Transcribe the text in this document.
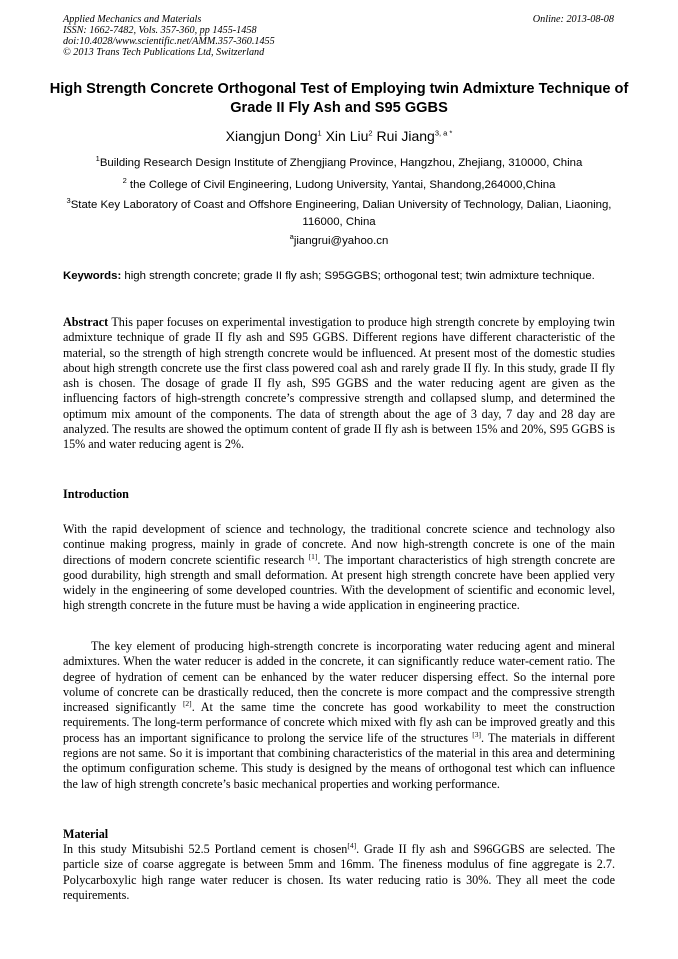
Applied Mechanics and Materials
ISSN: 1662-7482, Vols. 357-360, pp 1455-1458
doi:10.4028/www.scientific.net/AMM.357-360.1455
© 2013 Trans Tech Publications Ltd, Switzerland
Online: 2013-08-08
High Strength Concrete Orthogonal Test of Employing twin Admixture Technique of Grade II Fly Ash and S95 GGBS
Xiangjun Dong$^1$ Xin Liu$^2$ Rui Jiang$^{3, a *}$
$^1$Building Research Design Institute of Zhengjiang Province, Hangzhou, Zhejiang, 310000, China
$^2$ the College of Civil Engineering, Ludong University, Yantai, Shandong,264000,China
$^3$State Key Laboratory of Coast and Offshore Engineering, Dalian University of Technology, Dalian, Liaoning, 116000, China
$^a$jiangrui@yahoo.cn
Keywords: high strength concrete; grade II fly ash; S95GGBS; orthogonal test; twin admixture technique.
Abstract This paper focuses on experimental investigation to produce high strength concrete by employing twin admixture technique of grade II fly ash and S95 GGBS. Different regions have different characteristic of the material, so the strength of high strength concrete would be influenced. At present most of the domestic studies about high strength concrete use the first class powered coal ash and rarely grade II fly. In this study, grade II fly ash is chosen. The dosage of grade II fly ash, S95 GGBS and the water reducing agent are given as the influencing factors of high-strength concrete’s compressive strength and collapsed slump, and determined the optimum mix amount of the components. The data of strength about the age of 3 day, 7 day and 28 day are analyzed. The results are showed the optimum content of grade II fly ash is between 15% and 20%, S95 GGBS is 15% and water reducing agent is 2%.
Introduction
With the rapid development of science and technology, the traditional concrete science and technology also continue making progress, mainly in grade of concrete. And now high-strength concrete is one of the main directions of modern concrete scientific research [1]. The important characteristics of high strength concrete are good durability, high strength and small deformation. At present high strength concrete have been applied very widely in the engineering of some developed countries. With the development of scientific and economic level, high strength concrete in the future must be having a wide application in engineering practice.
The key element of producing high-strength concrete is incorporating water reducing agent and mineral admixtures. When the water reducer is added in the concrete, it can significantly reduce water-cement ratio. The degree of hydration of cement can be enhanced by the water reducer dispersing effect. So the internal pore volume of concrete can be drastically reduced, then the concrete is more compact and the compressive strength increased significantly [2]. At the same time the concrete has good workability to meet the construction requirements. The long-term performance of concrete which mixed with fly ash can be improved greatly and this process has an important significance to prolong the service life of the structures [3]. The materials in different regions are not same. So it is important that combining characteristics of the material in this area and determining the optimum configuration scheme. This study is designed by the means of orthogonal test which can influence the law of high strength concrete’s basic mechanical properties and working performance.
Material
In this study Mitsubishi 52.5 Portland cement is chosen[4]. Grade II fly ash and S96GGBS are selected. The particle size of coarse aggregate is between 5mm and 16mm. The fineness modulus of fine aggregate is 2.7. Polycarboxylic high range water reducer is chosen. Its water reducing ratio is 30%. They all meet the code requirements.
